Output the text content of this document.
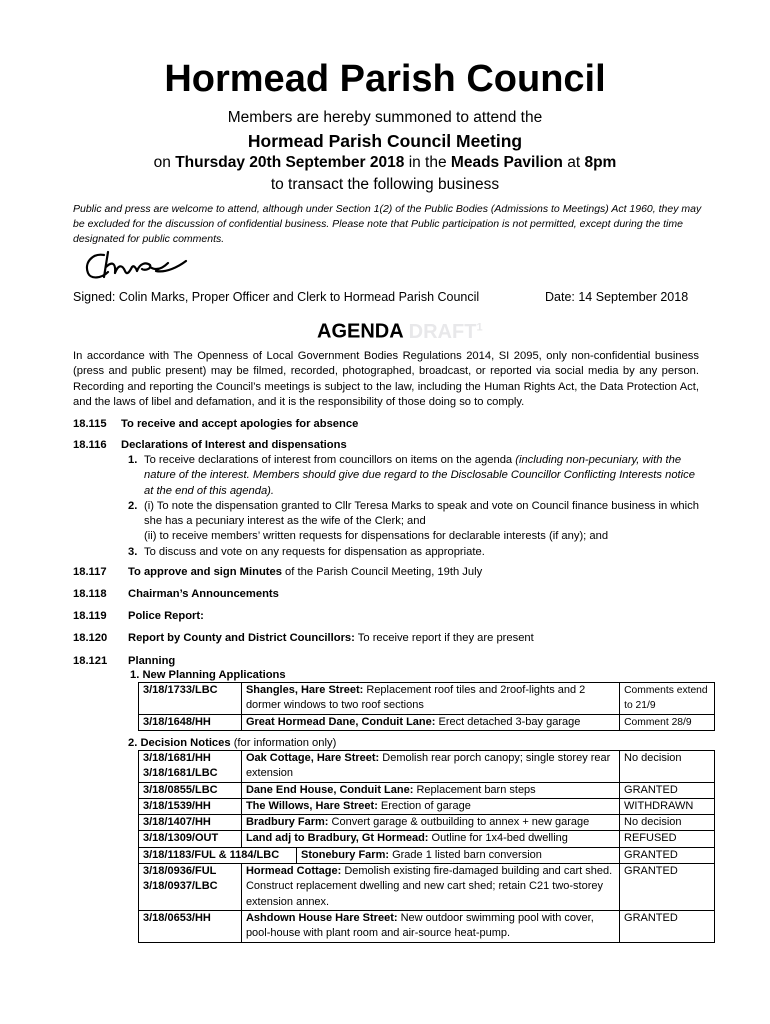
Hormead Parish Council
Members are hereby summoned to attend the
Hormead Parish Council Meeting
on Thursday 20th September 2018 in the Meads Pavilion at 8pm
to transact the following business
Public and press are welcome to attend, although under Section 1(2) of the Public Bodies (Admissions to Meetings) Act 1960, they may be excluded for the discussion of confidential business. Please note that Public participation is not permitted, except during the time designated for public comments.
Signed: Colin Marks, Proper Officer and Clerk to Hormead Parish Council	Date: 14 September 2018
AGENDA DRAFT$^1$
In accordance with The Openness of Local Government Bodies Regulations 2014, SI 2095, only non-confidential business (press and public present) may be filmed, recorded, photographed, broadcast, or reported via social media by any person. Recording and reporting the Council’s meetings is subject to the law, including the Human Rights Act, the Data Protection Act, and the laws of libel and defamation, and it is the responsibility of those doing so to comply.
18.115 To receive and accept apologies for absence
18.116 Declarations of Interest and dispensations
1. To receive declarations of interest from councillors on items on the agenda (including non-pecuniary, with the nature of the interest. Members should give due regard to the Disclosable Councillor Conflicting Interests notice at the end of this agenda).
2. (i) To note the dispensation granted to Cllr Teresa Marks to speak and vote on Council finance business in which she has a pecuniary interest as the wife of the Clerk; and
(ii) to receive members’ written requests for dispensations for declarable interests (if any); and
3. To discuss and vote on any requests for dispensation as appropriate.
18.117 To approve and sign Minutes of the Parish Council Meeting, 19th July
18.118 Chairman’s Announcements
18.119 Police Report:
18.120 Report by County and District Councillors: To receive report if they are present
18.121 Planning
1. New Planning Applications
3/18/1733/LBC	Shangles, Hare Street: Replacement roof tiles and 2roof-lights and 2 dormer windows to two roof sections	Comments extend to 21/9
3/18/1648/HH	Great Hormead Dane, Conduit Lane: Erect detached 3-bay garage	Comment 28/9
2. Decision Notices (for information only)
3/18/1681/HH
3/18/1681/LBC	Oak Cottage, Hare Street: Demolish rear porch canopy; single storey rear extension	No decision
3/18/0855/LBC	Dane End House, Conduit Lane: Replacement barn steps	GRANTED
3/18/1539/HH	The Willows, Hare Street: Erection of garage	WITHDRAWN
3/18/1407/HH	Bradbury Farm: Convert garage & outbuilding to annex + new garage	No decision
3/18/1309/OUT	Land adj to Bradbury, Gt Hormead: Outline for 1x4-bed dwelling	REFUSED
3/18/1183/FUL & 1184/LBC Stonebury Farm: Grade 1 listed barn conversion		GRANTED

3/18/0936/FUL
3/18/0937/LBC	Hormead Cottage: Demolish existing fire-damaged building and cart shed. Construct replacement dwelling and new cart shed; retain C21 two-storey extension annex.	GRANTED
3/18/0653/HH	Ashdown House Hare Street: New outdoor swimming pool with cover, pool-house with plant room and air-source heat-pump.	GRANTED
